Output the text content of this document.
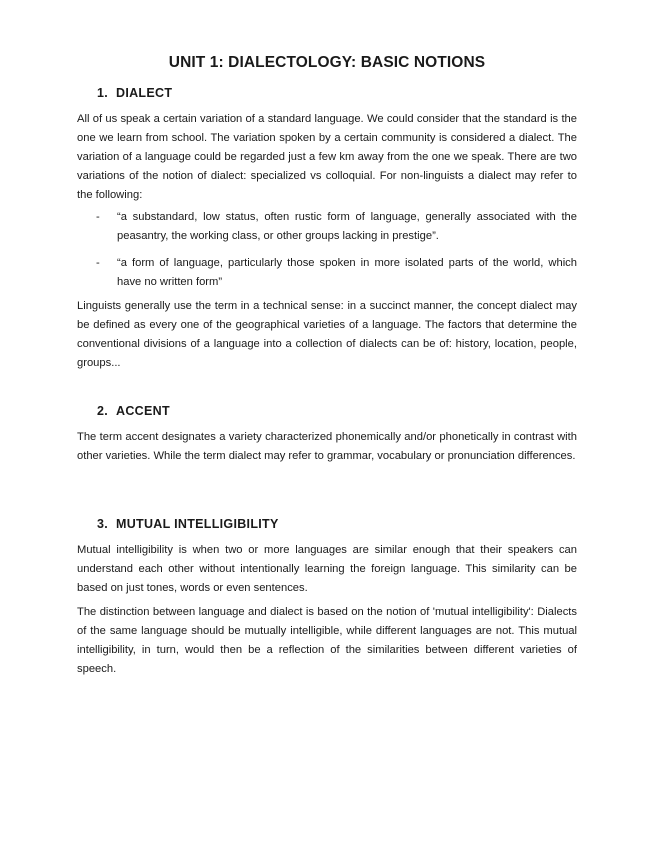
UNIT 1: DIALECTOLOGY: BASIC NOTIONS
1. DIALECT

All of us speak a certain variation of a standard language. We could consider that the standard is the one we learn from school. The variation spoken by a certain community is considered a dialect. The variation of a language could be regarded just a few km away from the one we speak. There are two variations of the notion of dialect: specialized vs colloquial. For non-linguists a dialect may refer to the following:

- “a substandard, low status, often rustic form of language, generally associated with the peasantry, the working class, or other groups lacking in prestige”.
- “a form of language, particularly those spoken in more isolated parts of the world, which have no written form”

Linguists generally use the term in a technical sense: in a succinct manner, the concept dialect may be defined as every one of the geographical varieties of a language. The factors that determine the conventional divisions of a language into a collection of dialects can be of: history, location, people, groups...

2. ACCENT

The term accent designates a variety characterized phonemically and/or phonetically in contrast with other varieties. While the term dialect may refer to grammar, vocabulary or pronunciation differences.

3. MUTUAL INTELLIGIBILITY

Mutual intelligibility is when two or more languages are similar enough that their speakers can understand each other without intentionally learning the foreign language. This similarity can be based on just tones, words or even sentences.

The distinction between language and dialect is based on the notion of 'mutual intelligibility': Dialects of the same language should be mutually intelligible, while different languages are not. This mutual intelligibility, in turn, would then be a reflection of the similarities between different varieties of speech.
